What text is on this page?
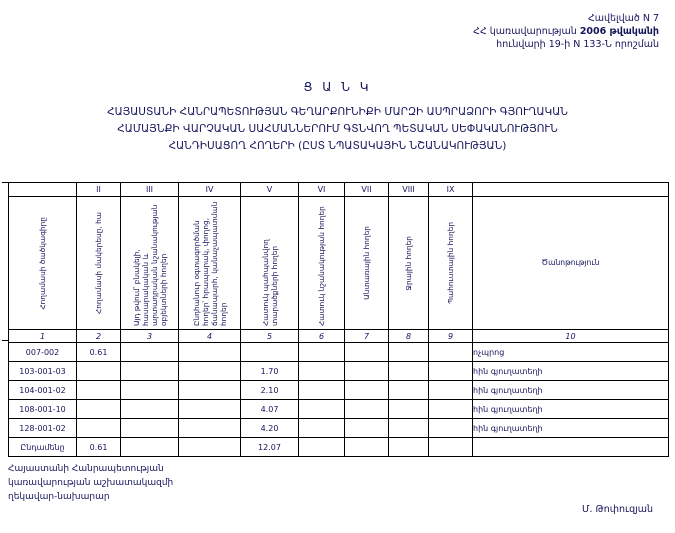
Հավելված N 7
ՀՀ կառավարության 2006 թվականի
հունվարի 19-ի N 133-Ն որոշման
Ց Ա Ն Կ
ՀԱՅԱՍՏԱՆԻ ՀԱՆՐԱՊԵՏՈՒԹՅԱՆ ԳԵՂԱՐՔՈՒՆԻՔԻ ՄԱՐԶԻ ԱՍՊՐԱՁՈՐԻ ԳՅՈՒՂԱԿԱՆ
ՀԱՄԱՅՆՔԻ ՎԱՐՉԱԿԱՆ ՍԱՀՄԱՆՆԵՐՈՒՄ ԳՏՆՎՈՂ ՊԵՏԱԿԱՆ ՍԵՓԱԿԱՆՈՒԹՅՈՒՆ
ՀԱՆԴԻՍԱՑՈՂ ՀՈՂԵՐԻ (ԸՍՏ ՆՊԱՏԱԿԱՅԻՆ ՆՇԱՆԱԿՈՒԹՅԱՆ)
	II	III	IV	V	VI	VII	VIII	IX	

Հողամասի ծածկագիրը	Հողամասի մակերեսը, հա	Այդ թվում՝ բնակելի, հասարակական և արտադրական նշանակության օբյեկտների հողեր	Ընդհանուր օգտագործման հողեր՝ հրապարակ, փողոց, ճանապարհ, կանաչապատման հողեր	Հատուկ պահպանվող տարածքների հողեր	Հատուկ նշանակության հողեր	Անտառային հողեր	Ջրային հողեր	Պահուստային հողեր	Ծանոթություն

1	2	3	4	5	6	7	8	9	10
007-002	0.61								ոչպրոց
103-001-03				1.70					հին գյուղատեղի
104-001-02				2.10					հին գյուղատեղի
108-001-10				4.07					հին գյուղատեղի
128-001-02				4.20					հին գյուղատեղի
Ընդամենը	0.61			12.07					
Հայաստանի Հանրապետության
կառավարության աշխատակազմի
ղեկավար-նախարար
Մ. Թոփուզյան
